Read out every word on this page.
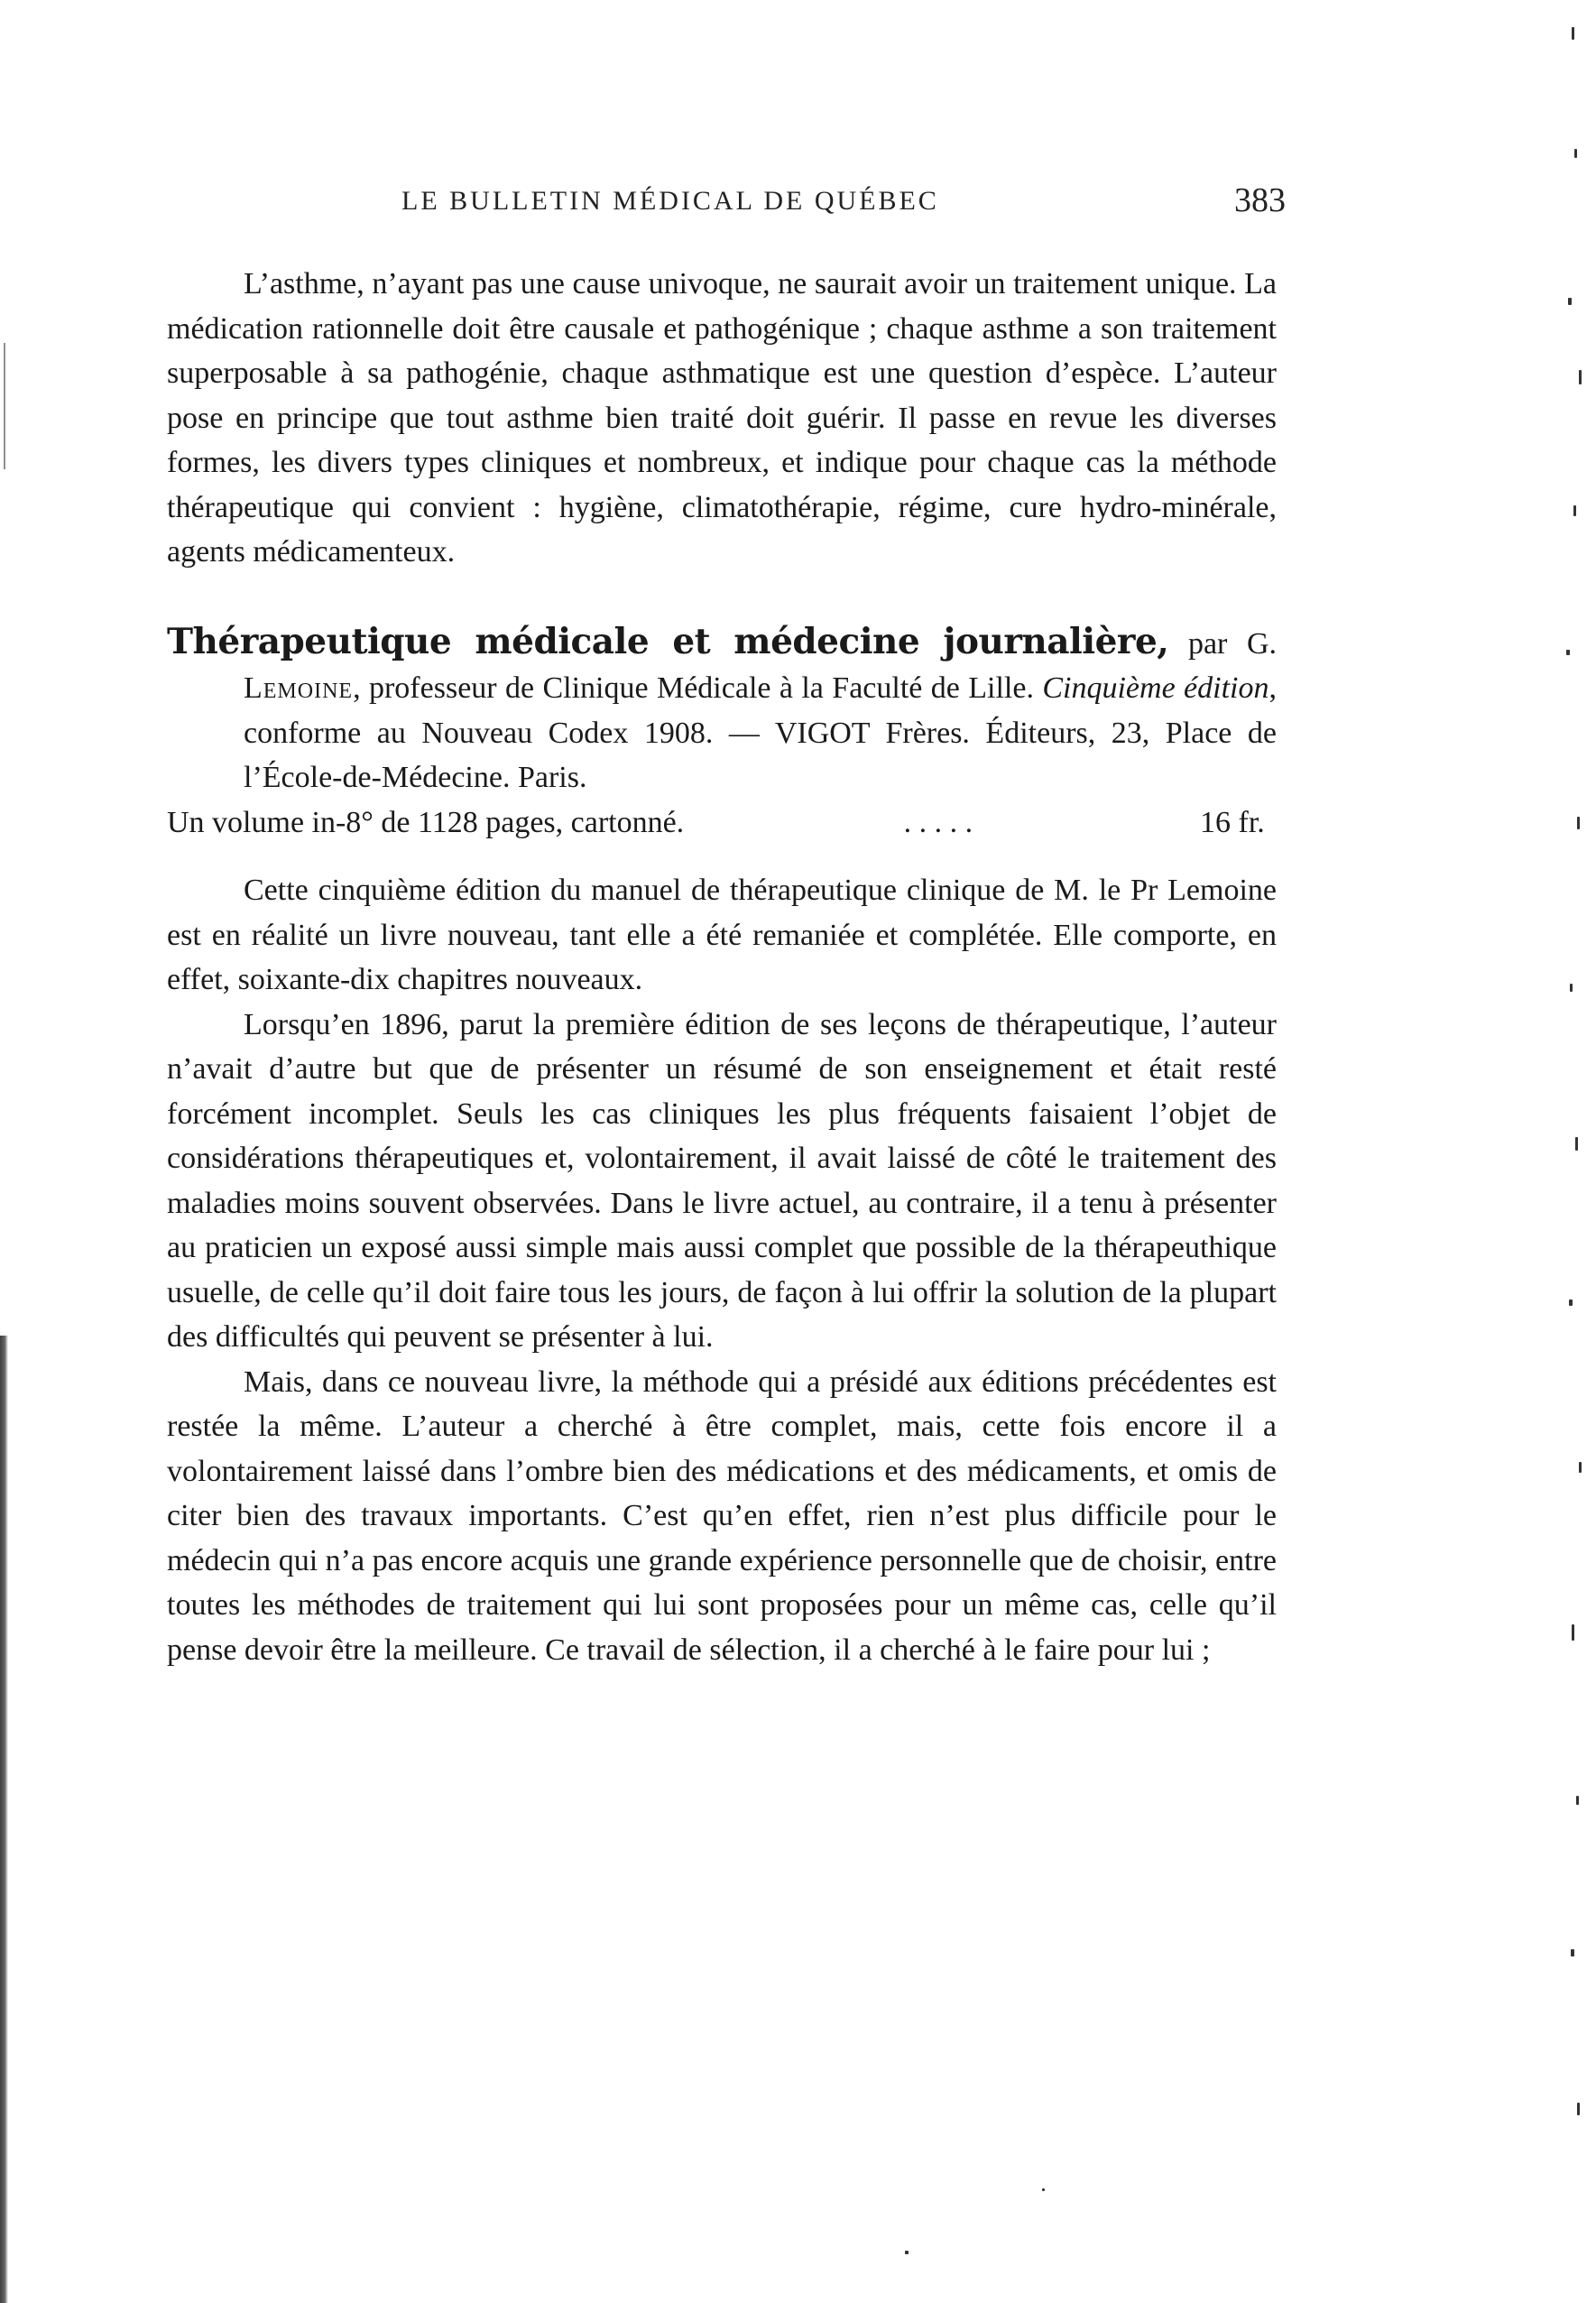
LE BULLETIN MÉDICAL DE QUÉBEC	383

L’asthme, n’ayant pas une cause univoque, ne saurait avoir un traitement unique. La médication rationnelle doit être causale et pathogénique ; chaque asthme a son traitement superposable à sa pathogénie, chaque asthmatique est une question d’espèce. L’auteur pose en principe que tout asthme bien traité doit guérir. Il passe en revue les diverses formes, les divers types cliniques et nombreux, et indique pour chaque cas la méthode thérapeutique qui convient : hygiène, climatothérapie, régime, cure hydro-minérale, agents médicamenteux.

Thérapeutique médicale et médecine journalière, par G. Lemoine, professeur de Clinique Médicale à la Faculté de Lille. Cinquième édition, conforme au Nouveau Codex 1908. — VIGOT Frères. Éditeurs, 23, Place de l’École-de-Médecine. Paris.
Un volume in-8° de 1128 pages, cartonné.	. . . . .	16 fr.

Cette cinquième édition du manuel de thérapeutique clinique de M. le Pr Lemoine est en réalité un livre nouveau, tant elle a été remaniée et complétée. Elle comporte, en effet, soixante-dix chapitres nouveaux.

Lorsqu’en 1896, parut la première édition de ses leçons de thérapeutique, l’auteur n’avait d’autre but que de présenter un résumé de son enseignement et était resté forcément incomplet. Seuls les cas cliniques les plus fréquents faisaient l’objet de considérations thérapeutiques et, volontairement, il avait laissé de côté le traitement des maladies moins souvent observées. Dans le livre actuel, au contraire, il a tenu à présenter au praticien un exposé aussi simple mais aussi complet que possible de la thérapeuthique usuelle, de celle qu’il doit faire tous les jours, de façon à lui offrir la solution de la plupart des difficultés qui peuvent se présenter à lui.

Mais, dans ce nouveau livre, la méthode qui a présidé aux éditions précédentes est restée la même. L’auteur a cherché à être complet, mais, cette fois encore il a volontairement laissé dans l’ombre bien des médications et des médicaments, et omis de citer bien des travaux importants. C’est qu’en effet, rien n’est plus difficile pour le médecin qui n’a pas encore acquis une grande expérience personnelle que de choisir, entre toutes les méthodes de traitement qui lui sont proposées pour un même cas, celle qu’il pense devoir être la meilleure. Ce travail de sélection, il a cherché à le faire pour lui ;
